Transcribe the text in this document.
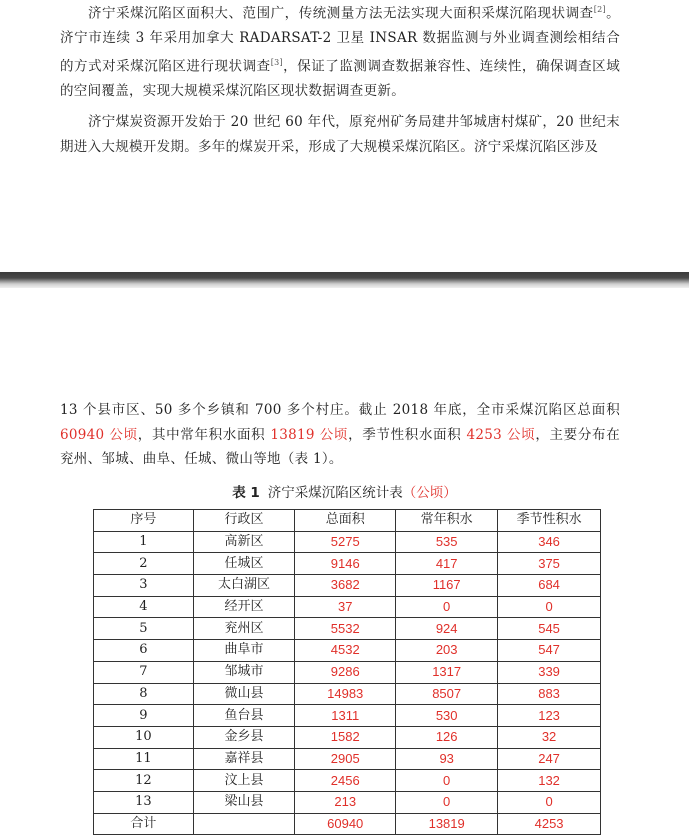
济宁采煤沉陷区面积大、范围广，传统测量方法无法实现大面积采煤沉陷现状调查[2]。济宁市连续 3 年采用加拿大 RADARSAT-2 卫星 INSAR 数据监测与外业调查测绘相结合的方式对采煤沉陷区进行现状调查[3]，保证了监测调查数据兼容性、连续性，确保调查区域的空间覆盖，实现大规模采煤沉陷区现状数据调查更新。

济宁煤炭资源开发始于 20 世纪 60 年代，原兖州矿务局建井邹城唐村煤矿，20 世纪末期进入大规模开发期。多年的煤炭开采，形成了大规模采煤沉陷区。济宁采煤沉陷区涉及

13 个县市区、50 多个乡镇和 700 多个村庄。截止 2018 年底，全市采煤沉陷区总面积 60940 公顷，其中常年积水面积 13819 公顷，季节性积水面积 4253 公顷，主要分布在兖州、邹城、曲阜、任城、微山等地（表 1）。

表 1 济宁采煤沉陷区统计表（公顷）
序号	行政区	总面积	常年积水	季节性积水
1	高新区	5275	535	346
2	任城区	9146	417	375
3	太白湖区	3682	1167	684
4	经开区	37	0	0
5	兖州区	5532	924	545
6	曲阜市	4532	203	547
7	邹城市	9286	1317	339
8	微山县	14983	8507	883
9	鱼台县	1311	530	123
10	金乡县	1582	126	32
11	嘉祥县	2905	93	247
12	汶上县	2456	0	132
13	梁山县	213	0	0
合计		60940	13819	4253
